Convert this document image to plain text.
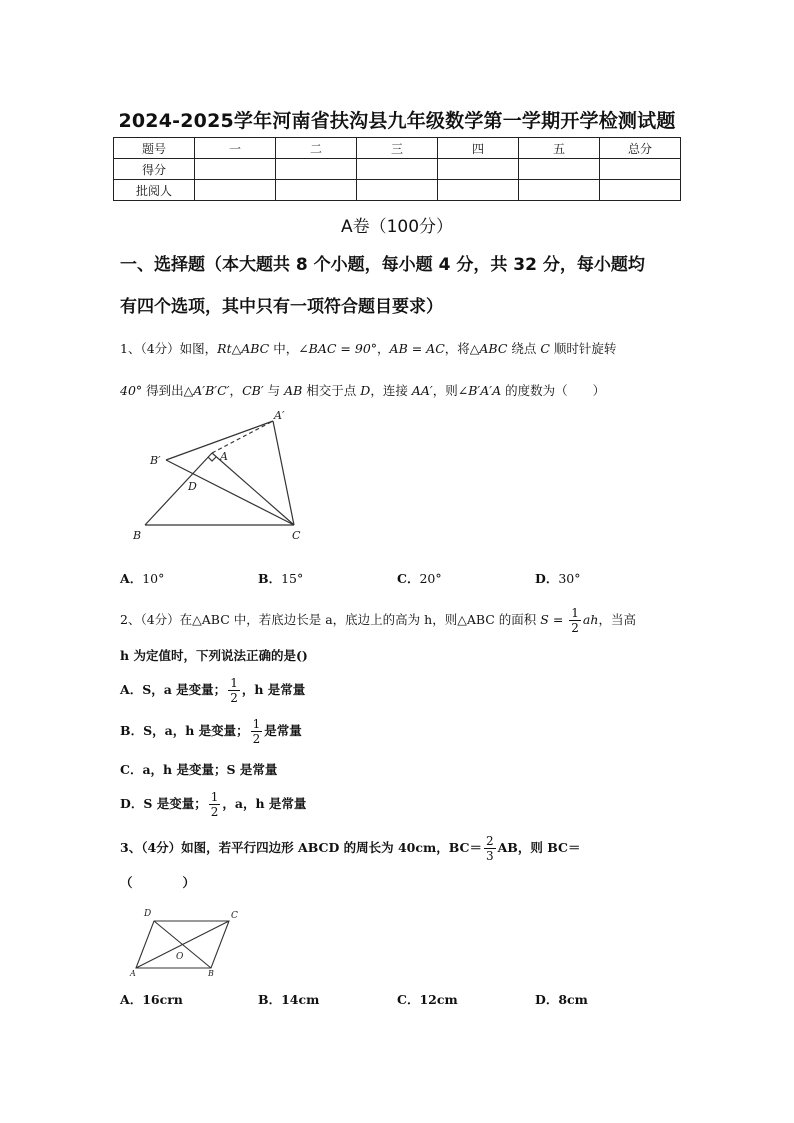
2024-2025学年河南省扶沟县九年级数学第一学期开学检测试题
题号	一	二	三	四	五	总分
得分						
批阅人						
A卷（100分）
一、选择题（本大题共 8 个小题，每小题 4 分，共 32 分，每小题均
有四个选项，其中只有一项符合题目要求）
1、（4分）如图，Rt△ABC 中，∠BAC = 90°，AB = AC，将△ABC 绕点 C 顺时针旋转
40° 得到出△A′B′C′，CB′ 与 AB 相交于点 D，连接 AA′，则∠B′A′A 的度数为（　　）
A′
A
B′
D
B	C
A．10°	B．15°	C．20°	D．30°
2、（4分）在△ABC 中，若底边长是 a，底边上的高为 h，则△ABC 的面积 $S = \frac{1}{2}$ ah，当高
h 为定值时，下列说法正确的是()
A．S，a 是变量； $\frac{1}{2}$ ，h 是常量
B．S，a，h 是变量； $\frac{1}{2}$ 是常量
C．a，h 是变量；S 是常量
D．S 是变量； $\frac{1}{2}$ ，a，h 是常量
3、（4分）如图，若平行四边形 ABCD 的周长为 40cm，$BC= \frac{2}{3}$ AB，则 BC＝
（　　　　）
D	C
O
A	B
A．16crn	B．14cm	C．12cm	D．8cm
